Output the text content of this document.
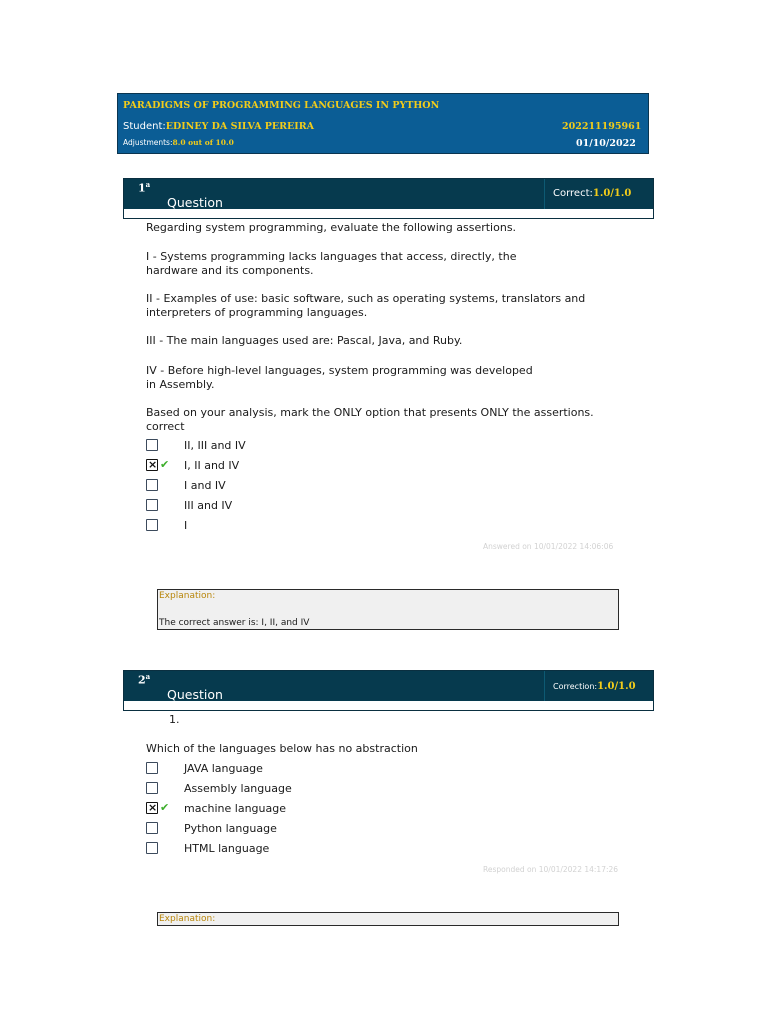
PARADIGMS OF PROGRAMMING LANGUAGES IN PYTHON
Student:EDINEY DA SILVA PEREIRA	202211195961
Adjustments:8.0 out of 10.0	01/10/2022
1$^a$
Question
Correct:1.0/1.0
Regarding system programming, evaluate the following assertions.
I - Systems programming lacks languages that access, directly, the
hardware and its components.
II - Examples of use: basic software, such as operating systems, translators and
interpreters of programming languages.
III - The main languages used are: Pascal, Java, and Ruby.
IV - Before high-level languages, system programming was developed
in Assembly.
Based on your analysis, mark the ONLY option that presents ONLY the assertions.
correct
II, III and IV
× ✔ I, II and IV
I and IV
III and IV
I
Answered on 10/01/2022 14:06:06
Explanation:
The correct answer is: I, II, and IV
2$^a$
Question
Correction:1.0/1.0
1.
Which of the languages below has no abstraction
JAVA language
Assembly language
× ✔ machine language
Python language
HTML language
Responded on 10/01/2022 14:17:26
Explanation:
